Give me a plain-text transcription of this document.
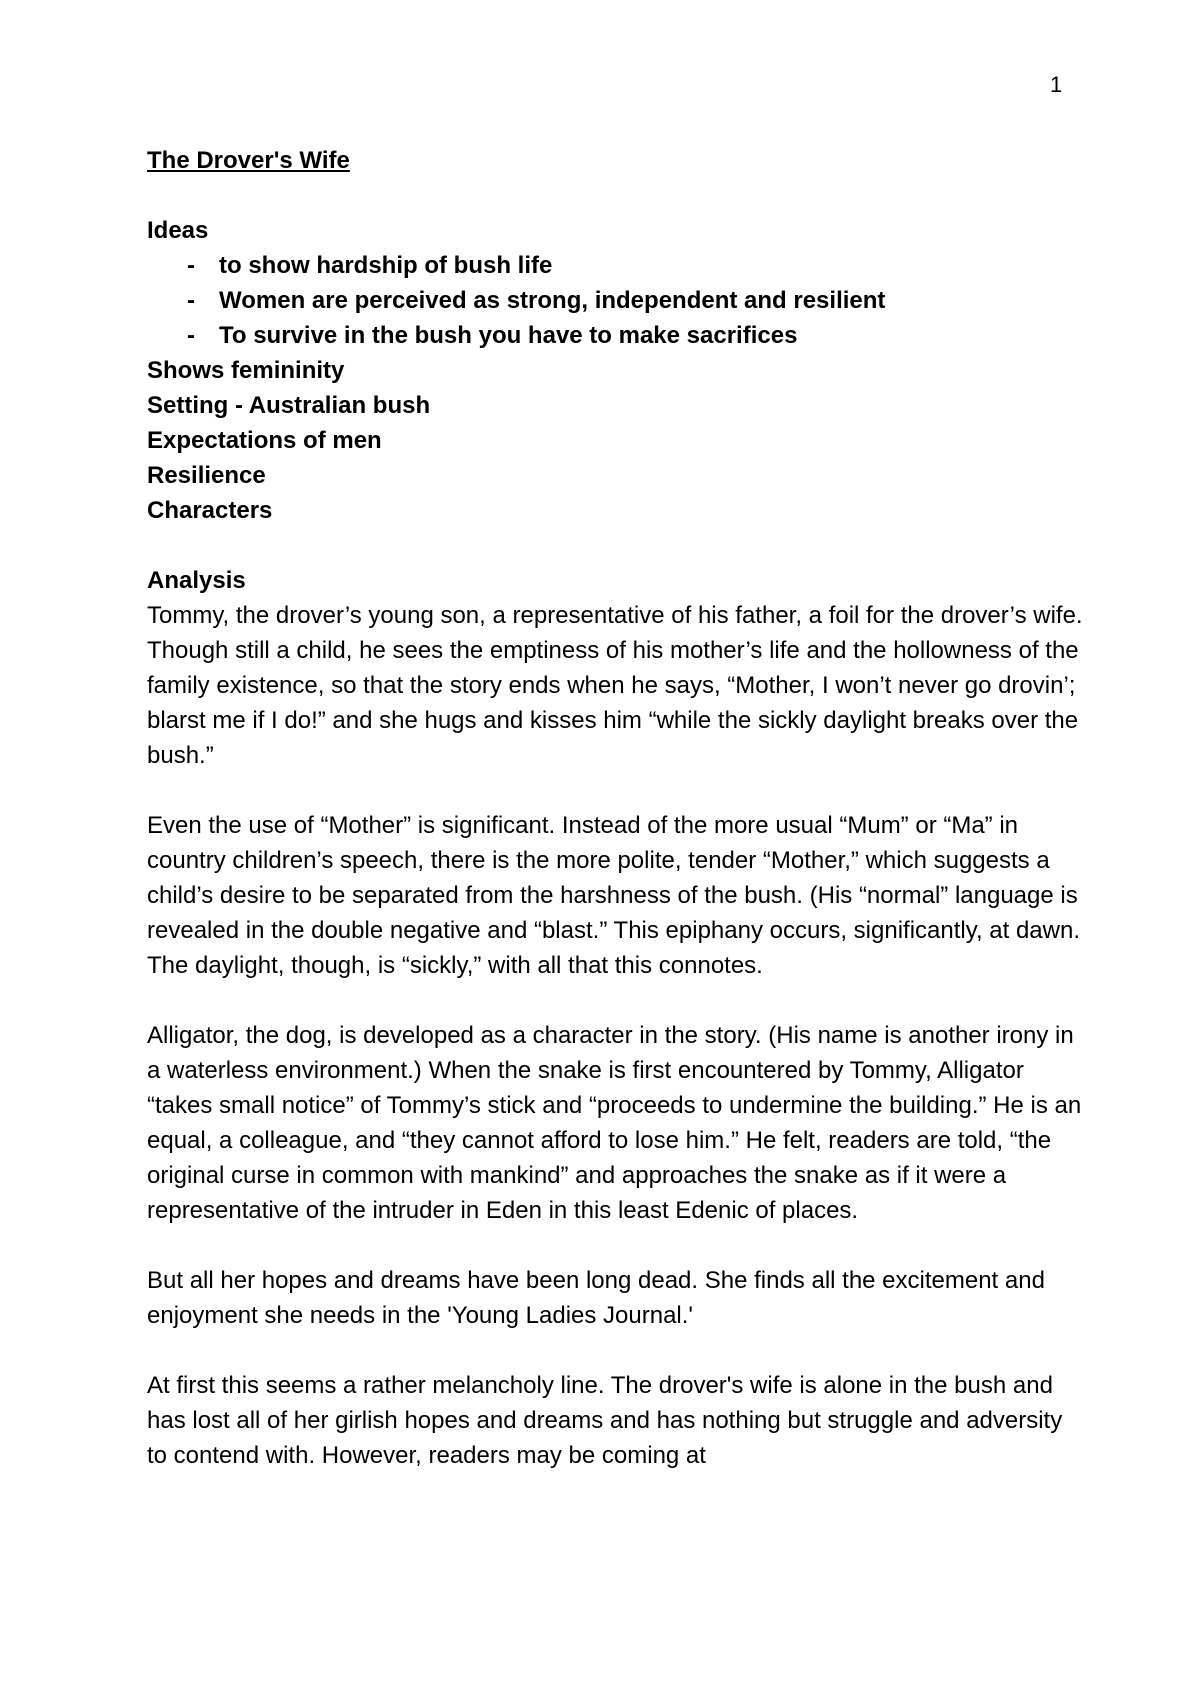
1
The Drover's Wife
Ideas
- to show hardship of bush life
- Women are perceived as strong, independent and resilient
- To survive in the bush you have to make sacrifices
Shows femininity
Setting - Australian bush
Expectations of men
Resilience
Characters
Analysis

Tommy, the drover’s young son, a representative of his father, a foil for the drover’s wife. Though still a child, he sees the emptiness of his mother’s life and the hollowness of the family existence, so that the story ends when he says, “Mother, I won’t never go drovin’; blarst me if I do!” and she hugs and kisses him “while the sickly daylight breaks over the bush.”

Even the use of “Mother” is significant. Instead of the more usual “Mum” or “Ma” in country children’s speech, there is the more polite, tender “Mother,” which suggests a child’s desire to be separated from the harshness of the bush. (His “normal” language is revealed in the double negative and “blast.” This epiphany occurs, significantly, at dawn. The daylight, though, is “sickly,” with all that this connotes.

Alligator, the dog, is developed as a character in the story. (His name is another irony in a waterless environment.) When the snake is first encountered by Tommy, Alligator “takes small notice” of Tommy’s stick and “proceeds to undermine the building.” He is an equal, a colleague, and “they cannot afford to lose him.” He felt, readers are told, “the original curse in common with mankind” and approaches the snake as if it were a representative of the intruder in Eden in this least Edenic of places.

But all her hopes and dreams have been long dead. She finds all the excitement and enjoyment she needs in the 'Young Ladies Journal.'

At first this seems a rather melancholy line. The drover's wife is alone in the bush and has lost all of her girlish hopes and dreams and has nothing but struggle and adversity to contend with. However, readers may be coming at
